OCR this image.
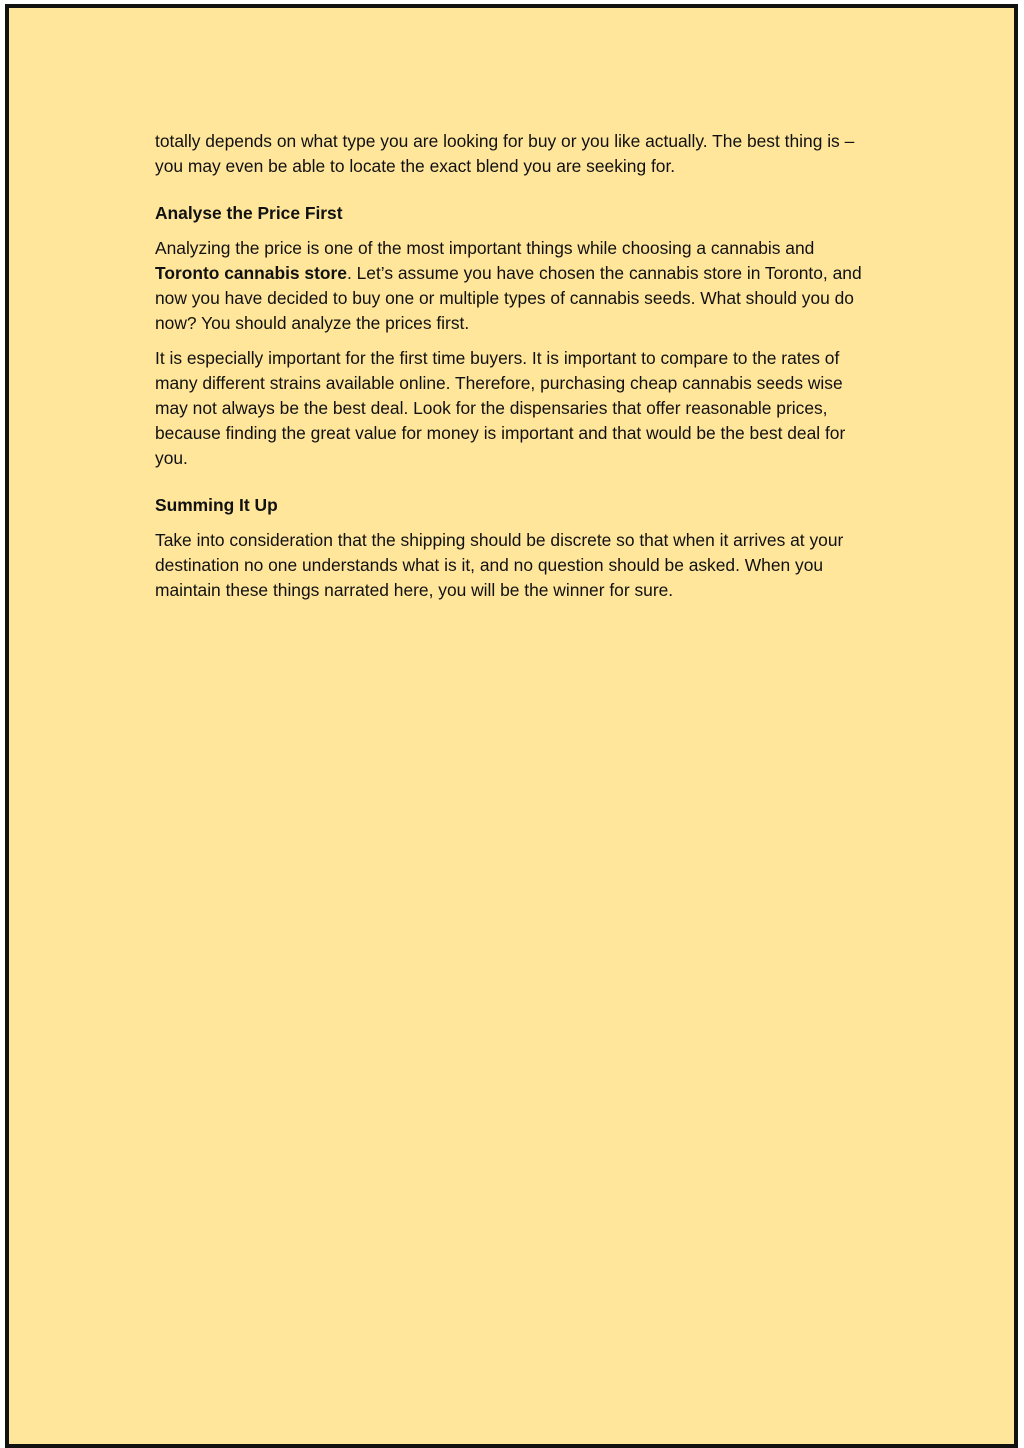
totally depends on what type you are looking for buy or you like actually. The best thing is – you may even be able to locate the exact blend you are seeking for.

Analyse the Price First

Analyzing the price is one of the most important things while choosing a cannabis and Toronto cannabis store. Let’s assume you have chosen the cannabis store in Toronto, and now you have decided to buy one or multiple types of cannabis seeds. What should you do now? You should analyze the prices first.

It is especially important for the first time buyers. It is important to compare to the rates of many different strains available online. Therefore, purchasing cheap cannabis seeds wise may not always be the best deal. Look for the dispensaries that offer reasonable prices, because finding the great value for money is important and that would be the best deal for you.

Summing It Up

Take into consideration that the shipping should be discrete so that when it arrives at your destination no one understands what is it, and no question should be asked. When you maintain these things narrated here, you will be the winner for sure.
